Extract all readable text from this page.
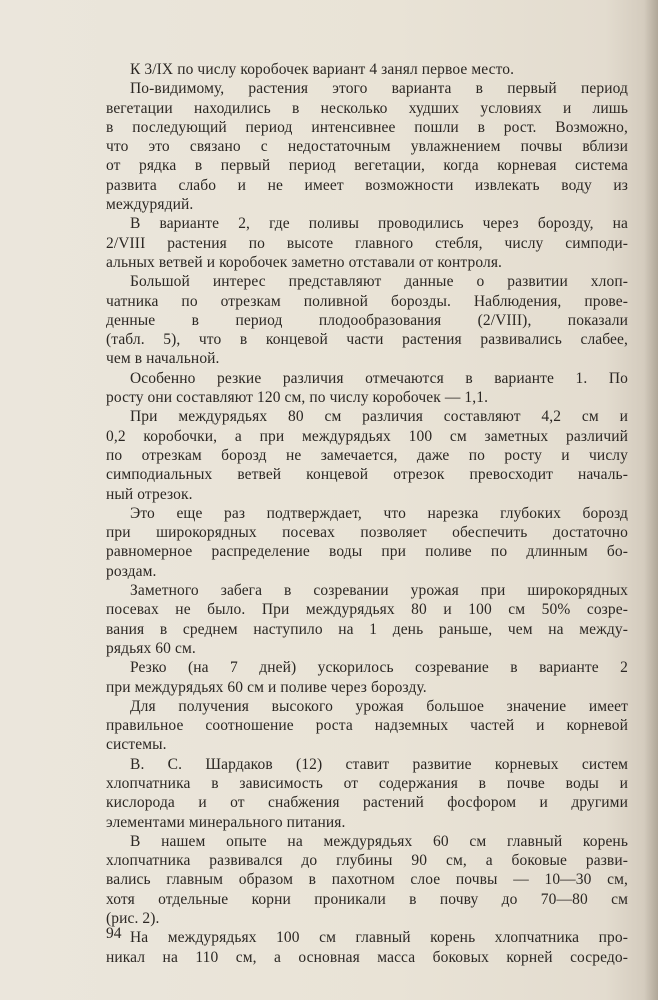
К 3/IX по числу коробочек вариант 4 занял первое место.
По-видимому, растения этого варианта в первый период
вегетации находились в несколько худших условиях и лишь
в последующий период интенсивнее пошли в рост. Возможно,
что это связано с недостаточным увлажнением почвы вблизи
от рядка в первый период вегетации, когда корневая система
развита слабо и не имеет возможности извлекать воду из
междурядий.
В варианте 2, где поливы проводились через борозду, на
2/VIII растения по высоте главного стебля, числу симподи-
альных ветвей и коробочек заметно отставали от контроля.
Большой интерес представляют данные о развитии хлоп-
чатника по отрезкам поливной борозды. Наблюдения, прове-
денные в период плодообразования (2/VIII), показали
(табл. 5), что в концевой части растения развивались слабее,
чем в начальной.
Особенно резкие различия отмечаются в варианте 1. По
росту они составляют 120 см, по числу коробочек — 1,1.
При междурядьях 80 см различия составляют 4,2 см и
0,2 коробочки, а при междурядьях 100 см заметных различий
по отрезкам борозд не замечается, даже по росту и числу
симподиальных ветвей концевой отрезок превосходит началь-
ный отрезок.
Это еще раз подтверждает, что нарезка глубоких борозд
при широкорядных посевах позволяет обеспечить достаточно
равномерное распределение воды при поливе по длинным бо-
роздам.
Заметного забега в созревании урожая при широкорядных
посевах не было. При междурядьях 80 и 100 см 50% созре-
вания в среднем наступило на 1 день раньше, чем на между-
рядьях 60 см.
Резко (на 7 дней) ускорилось созревание в варианте 2
при междурядьях 60 см и поливе через борозду.
Для получения высокого урожая большое значение имеет
правильное соотношение роста надземных частей и корневой
системы.
В. С. Шардаков (12) ставит развитие корневых систем
хлопчатника в зависимость от содержания в почве воды и
кислорода и от снабжения растений фосфором и другими
элементами минерального питания.
В нашем опыте на междурядьях 60 см главный корень
хлопчатника развивался до глубины 90 см, а боковые разви-
вались главным образом в пахотном слое почвы — 10—30 см,
хотя отдельные корни проникали в почву до 70—80 см
(рис. 2).
На междурядьях 100 см главный корень хлопчатника про-
никал на 110 см, а основная масса боковых корней сосредо-
94
